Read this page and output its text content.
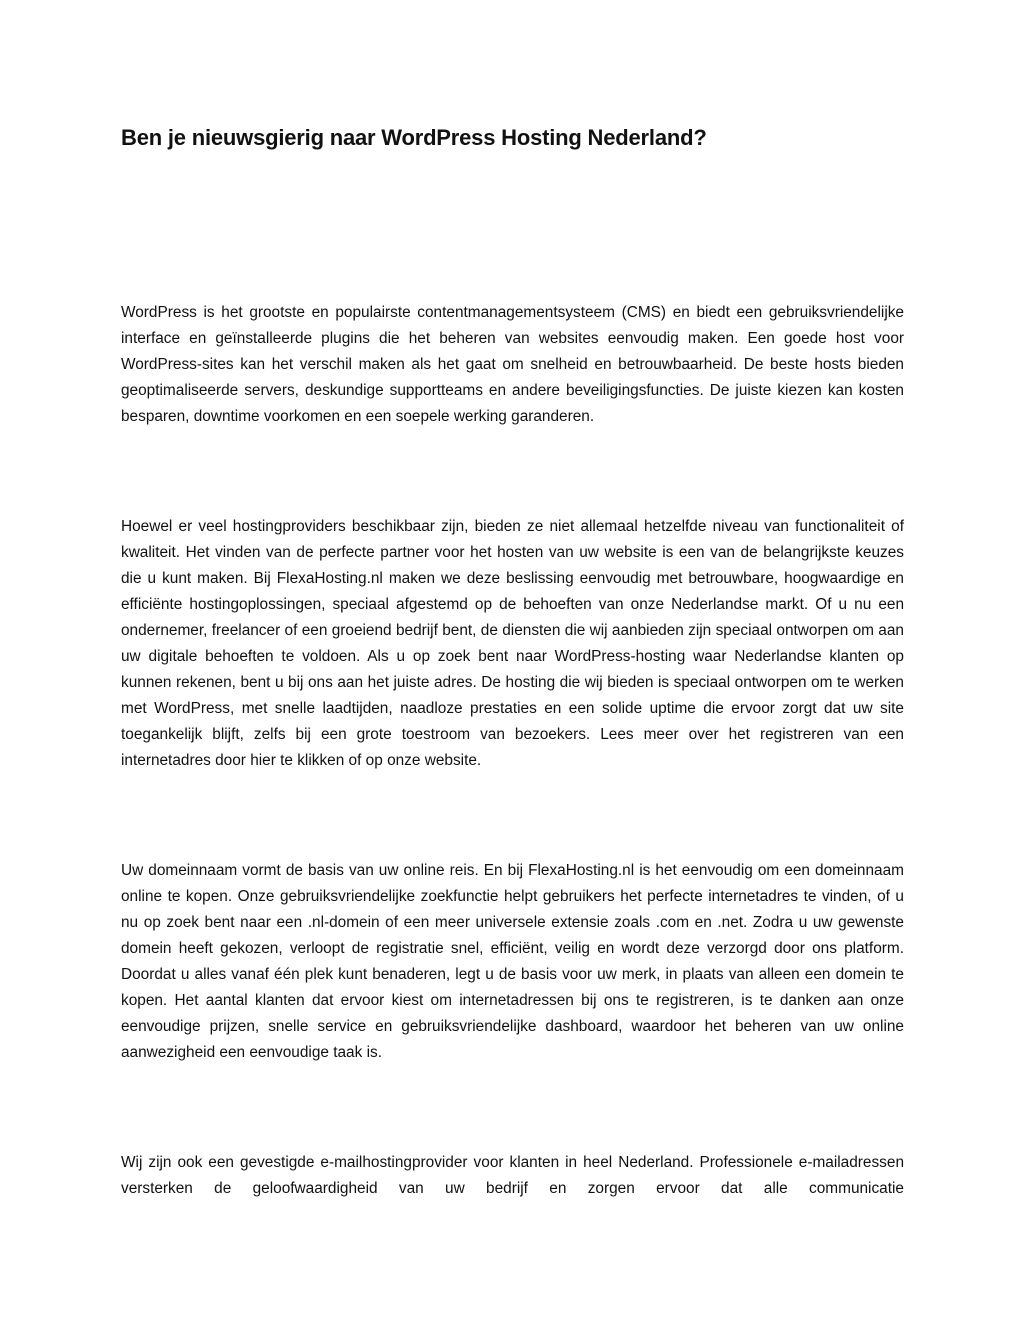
Ben je nieuwsgierig naar WordPress Hosting Nederland?

WordPress is het grootste en populairste contentmanagementsysteem (CMS) en biedt een gebruiksvriendelijke interface en geïnstalleerde plugins die het beheren van websites eenvoudig maken. Een goede host voor WordPress-sites kan het verschil maken als het gaat om snelheid en betrouwbaarheid. De beste hosts bieden geoptimaliseerde servers, deskundige supportteams en andere beveiligingsfuncties. De juiste kiezen kan kosten besparen, downtime voorkomen en een soepele werking garanderen.

Hoewel er veel hostingproviders beschikbaar zijn, bieden ze niet allemaal hetzelfde niveau van functionaliteit of kwaliteit. Het vinden van de perfecte partner voor het hosten van uw website is een van de belangrijkste keuzes die u kunt maken. Bij FlexaHosting.nl maken we deze beslissing eenvoudig met betrouwbare, hoogwaardige en efficiënte hostingoplossingen, speciaal afgestemd op de behoeften van onze Nederlandse markt. Of u nu een ondernemer, freelancer of een groeiend bedrijf bent, de diensten die wij aanbieden zijn speciaal ontworpen om aan uw digitale behoeften te voldoen. Als u op zoek bent naar WordPress-hosting waar Nederlandse klanten op kunnen rekenen, bent u bij ons aan het juiste adres. De hosting die wij bieden is speciaal ontworpen om te werken met WordPress, met snelle laadtijden, naadloze prestaties en een solide uptime die ervoor zorgt dat uw site toegankelijk blijft, zelfs bij een grote toestroom van bezoekers. Lees meer over het registreren van een internetadres door hier te klikken of op onze website.

Uw domeinnaam vormt de basis van uw online reis. En bij FlexaHosting.nl is het eenvoudig om een domeinnaam online te kopen. Onze gebruiksvriendelijke zoekfunctie helpt gebruikers het perfecte internetadres te vinden, of u nu op zoek bent naar een .nl-domein of een meer universele extensie zoals .com en .net. Zodra u uw gewenste domein heeft gekozen, verloopt de registratie snel, efficiënt, veilig en wordt deze verzorgd door ons platform. Doordat u alles vanaf één plek kunt benaderen, legt u de basis voor uw merk, in plaats van alleen een domein te kopen. Het aantal klanten dat ervoor kiest om internetadressen bij ons te registreren, is te danken aan onze eenvoudige prijzen, snelle service en gebruiksvriendelijke dashboard, waardoor het beheren van uw online aanwezigheid een eenvoudige taak is.

Wij zijn ook een gevestigde e-mailhostingprovider voor klanten in heel Nederland. Professionele e-mailadressen versterken de geloofwaardigheid van uw bedrijf en zorgen ervoor dat alle communicatie
